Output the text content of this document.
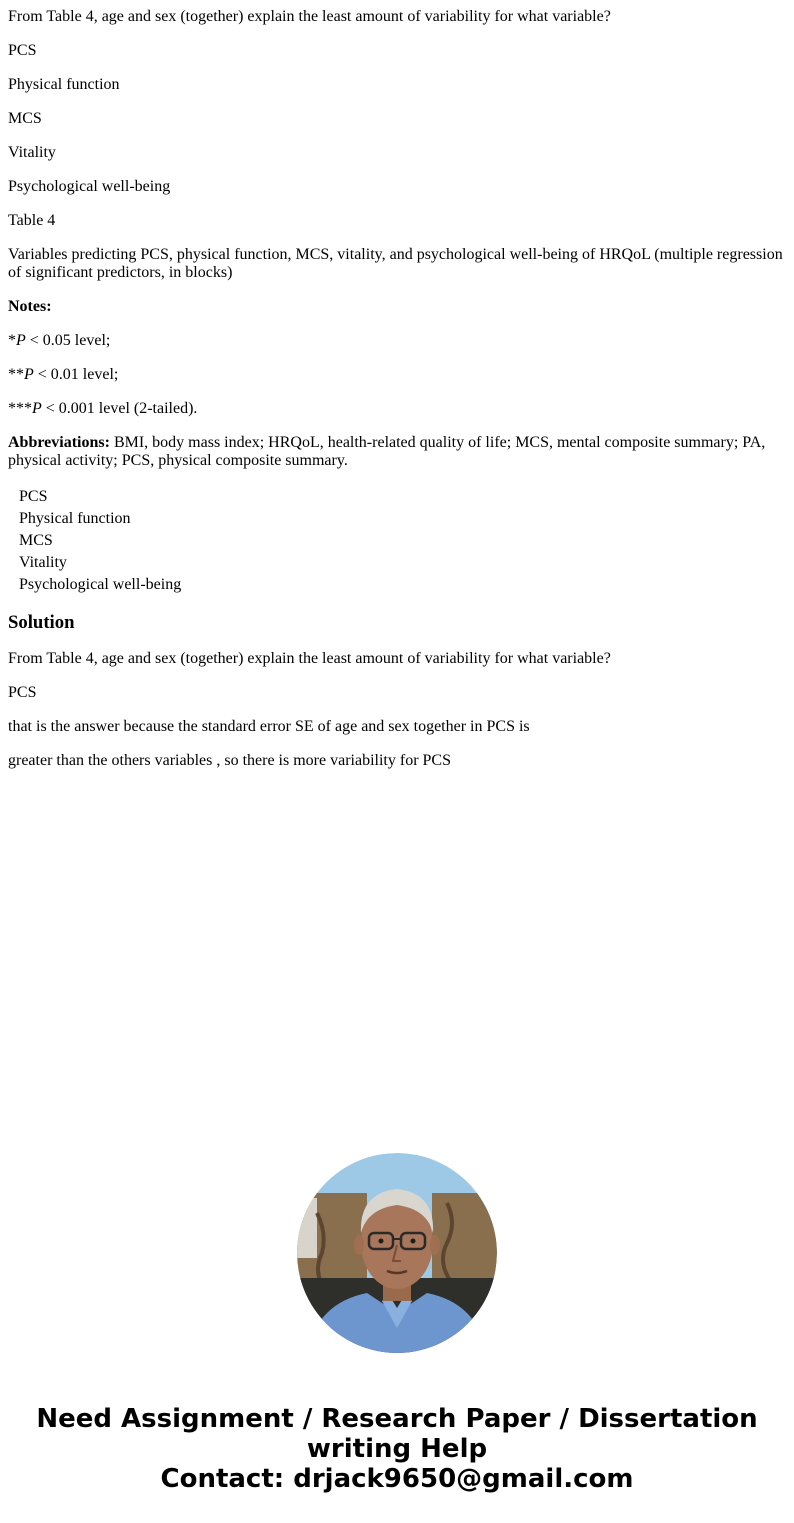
From Table 4, age and sex (together) explain the least amount of variability for what variable?

PCS

Physical function

MCS

Vitality

Psychological well-being

Table 4

Variables predicting PCS, physical function, MCS, vitality, and psychological well-being of HRQoL (multiple regression of significant predictors, in blocks)

Notes:

*P < 0.05 level;

**P < 0.01 level;

***P < 0.001 level (2-tailed).

Abbreviations: BMI, body mass index; HRQoL, health-related quality of life; MCS, mental composite summary; PA, physical activity; PCS, physical composite summary.

PCS
Physical function
MCS
Vitality
Psychological well-being
Solution

From Table 4, age and sex (together) explain the least amount of variability for what variable?

PCS

that is the answer because the standard error SE of age and sex together in PCS is

greater than the others variables , so there is more variability for PCS

Need Assignment / Research Paper / Dissertation
writing Help
Contact: drjack9650@gmail.com
